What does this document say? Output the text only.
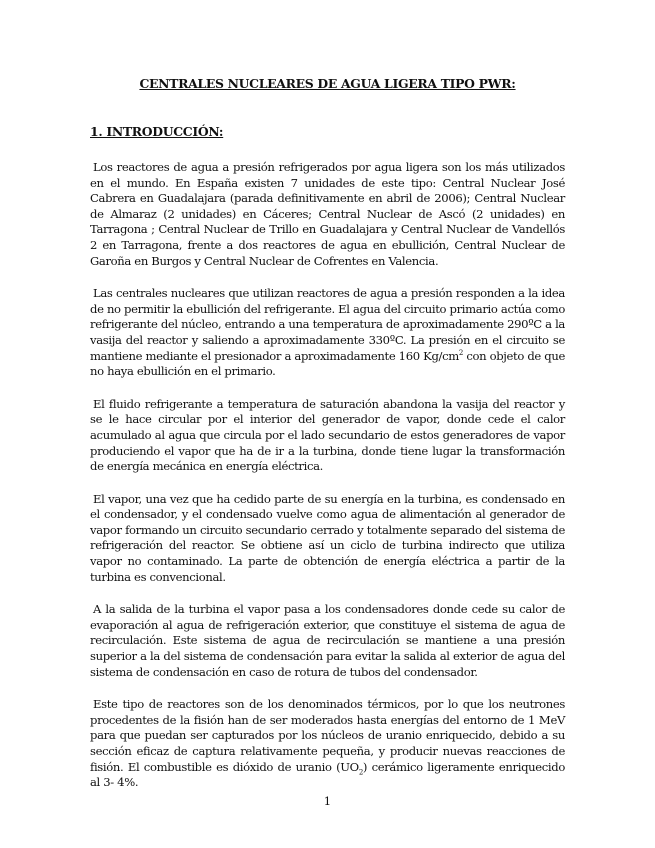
CENTRALES NUCLEARES DE AGUA LIGERA TIPO PWR:
1. INTRODUCCIÓN:

Los reactores de agua a presión refrigerados por agua ligera son los más utilizados en el mundo. En España existen 7 unidades de este tipo: Central Nuclear José Cabrera en Guadalajara (parada definitivamente en abril de 2006); Central Nuclear de Almaraz (2 unidades) en Cáceres; Central Nuclear de Ascó (2 unidades) en Tarragona ; Central Nuclear de Trillo en Guadalajara y Central Nuclear de Vandellós 2 en Tarragona, frente a dos reactores de agua en ebullición, Central Nuclear de Garoña en Burgos y Central Nuclear de Cofrentes en Valencia.

Las centrales nucleares que utilizan reactores de agua a presión responden a la idea de no permitir la ebullición del refrigerante. El agua del circuito primario actúa como refrigerante del núcleo, entrando a una temperatura de aproximadamente 290ºC a la vasija del reactor y saliendo a aproximadamente 330ºC. La presión en el circuito se mantiene mediante el presionador a aproximadamente 160 $Kg/cm^2$ con objeto de que no haya ebullición en el primario.

El fluido refrigerante a temperatura de saturación abandona la vasija del reactor y se le hace circular por el interior del generador de vapor, donde cede el calor acumulado al agua que circula por el lado secundario de estos generadores de vapor produciendo el vapor que ha de ir a la turbina, donde tiene lugar la transformación de energía mecánica en energía eléctrica.

El vapor, una vez que ha cedido parte de su energía en la turbina, es condensado en el condensador, y el condensado vuelve como agua de alimentación al generador de vapor formando un circuito secundario cerrado y totalmente separado del sistema de refrigeración del reactor. Se obtiene así un ciclo de turbina indirecto que utiliza vapor no contaminado. La parte de obtención de energía eléctrica a partir de la turbina es convencional.

A la salida de la turbina el vapor pasa a los condensadores donde cede su calor de evaporación al agua de refrigeración exterior, que constituye el sistema de agua de recirculación. Este sistema de agua de recirculación se mantiene a una presión superior a la del sistema de condensación para evitar la salida al exterior de agua del sistema de condensación en caso de rotura de tubos del condensador.

Este tipo de reactores son de los denominados térmicos, por lo que los neutrones procedentes de la fisión han de ser moderados hasta energías del entorno de 1 MeV para que puedan ser capturados por los núcleos de uranio enriquecido, debido a su sección eficaz de captura relativamente pequeña, y producir nuevas reacciones de fisión. El combustible es dióxido de uranio $(UO_2)$ cerámico ligeramente enriquecido al 3- 4%.

1
